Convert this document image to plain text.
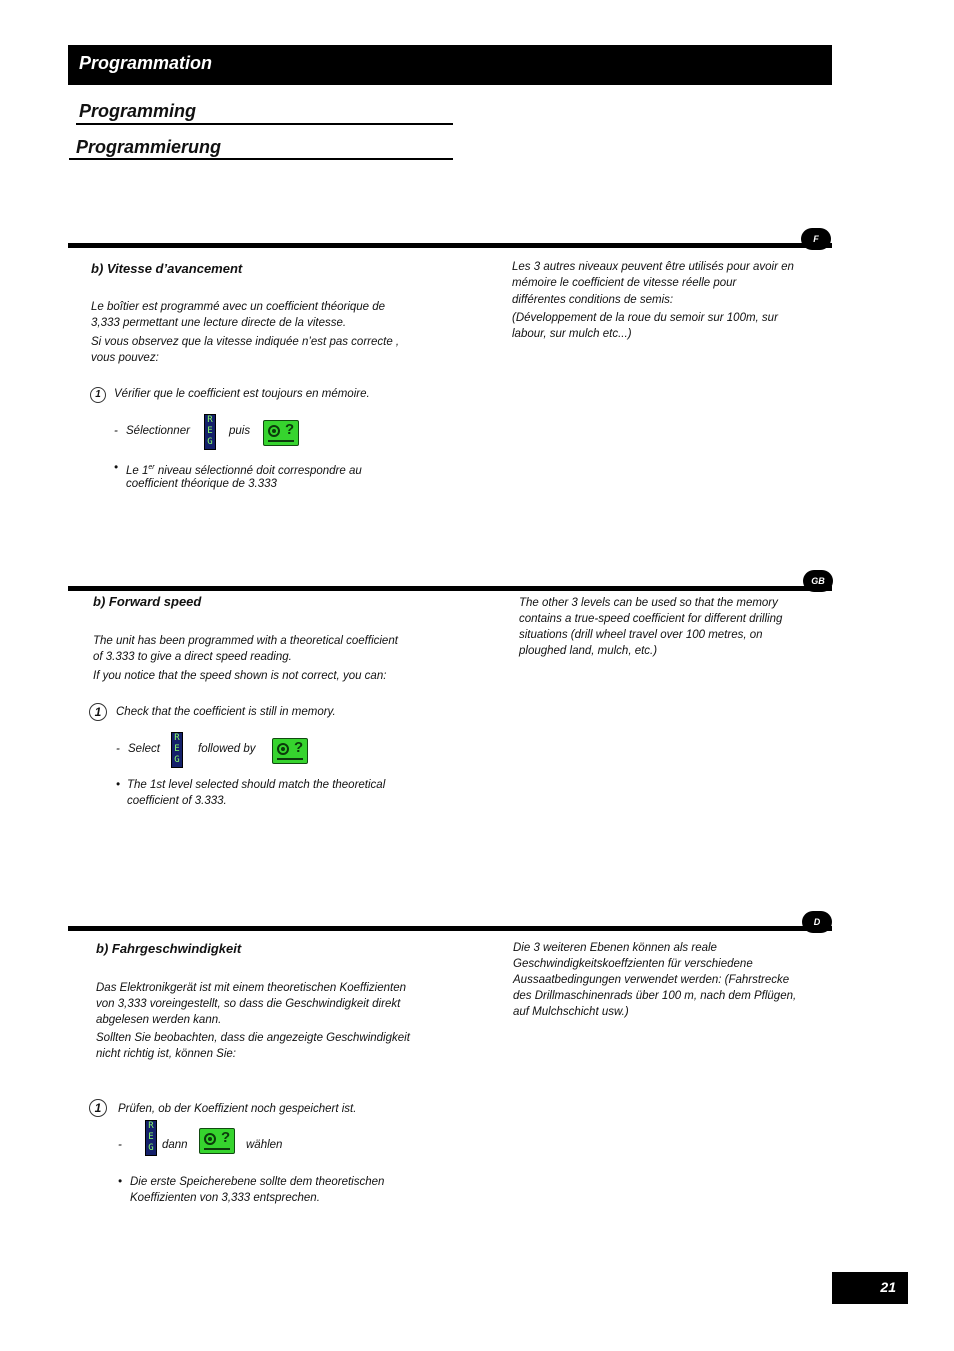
Programmation
Programming
Programmierung
F
b) Vitesse d’avancement
Le boîtier est programmé avec un coefficient théorique de
3,333 permettant une lecture directe de la vitesse.
Si vous observez que la vitesse indiquée n’est pas correcte ,
vous pouvez:
1	Vérifier que le coefficient est toujours en mémoire.
- Sélectionner
R
E
G
puis ?
• Le 1er niveau sélectionné doit correspondre au
coefficient théorique de 3.333
Les 3 autres niveaux peuvent être utilisés pour avoir en
mémoire le coefficient de vitesse réelle pour
différentes conditions de semis:
(Développement de la roue du semoir sur 100m, sur
labour, sur mulch etc...)
GB
b) Forward speed
The unit has been programmed with a theoretical coefficient
of 3.333 to give a direct speed reading.
If you notice that the speed shown is not correct, you can:
1	Check that the coefficient is still in memory.
- Select
R
E
G
followed by	?
• The 1st level selected should match the theoretical
coefficient of 3.333.
The other 3 levels can be used so that the memory
contains a true-speed coefficient for different drilling
situations (drill wheel travel over 100 metres, on
ploughed land, mulch, etc.)
D
b) Fahrgeschwindigkeit
Das Elektronikgerät ist mit einem theoretischen Koeffizienten
von 3,333 voreingestellt, so dass die Geschwindigkeit direkt
abgelesen werden kann.
Sollten Sie beobachten, dass die angezeigte Geschwindigkeit
nicht richtig ist, können Sie:
1	Prüfen, ob der Koeffizient noch gespeichert ist.
-
R
E
G dann ? wählen
• Die erste Speicherebene sollte dem theoretischen
Koeffizienten von 3,333 entsprechen.
Die 3 weiteren Ebenen können als reale
Geschwindigkeitskoeffzienten für verschiedene
Aussaatbedingungen verwendet werden: (Fahrstrecke
des Drillmaschinenrads über 100 m, nach dem Pflügen,
auf Mulchschicht usw.)
21
